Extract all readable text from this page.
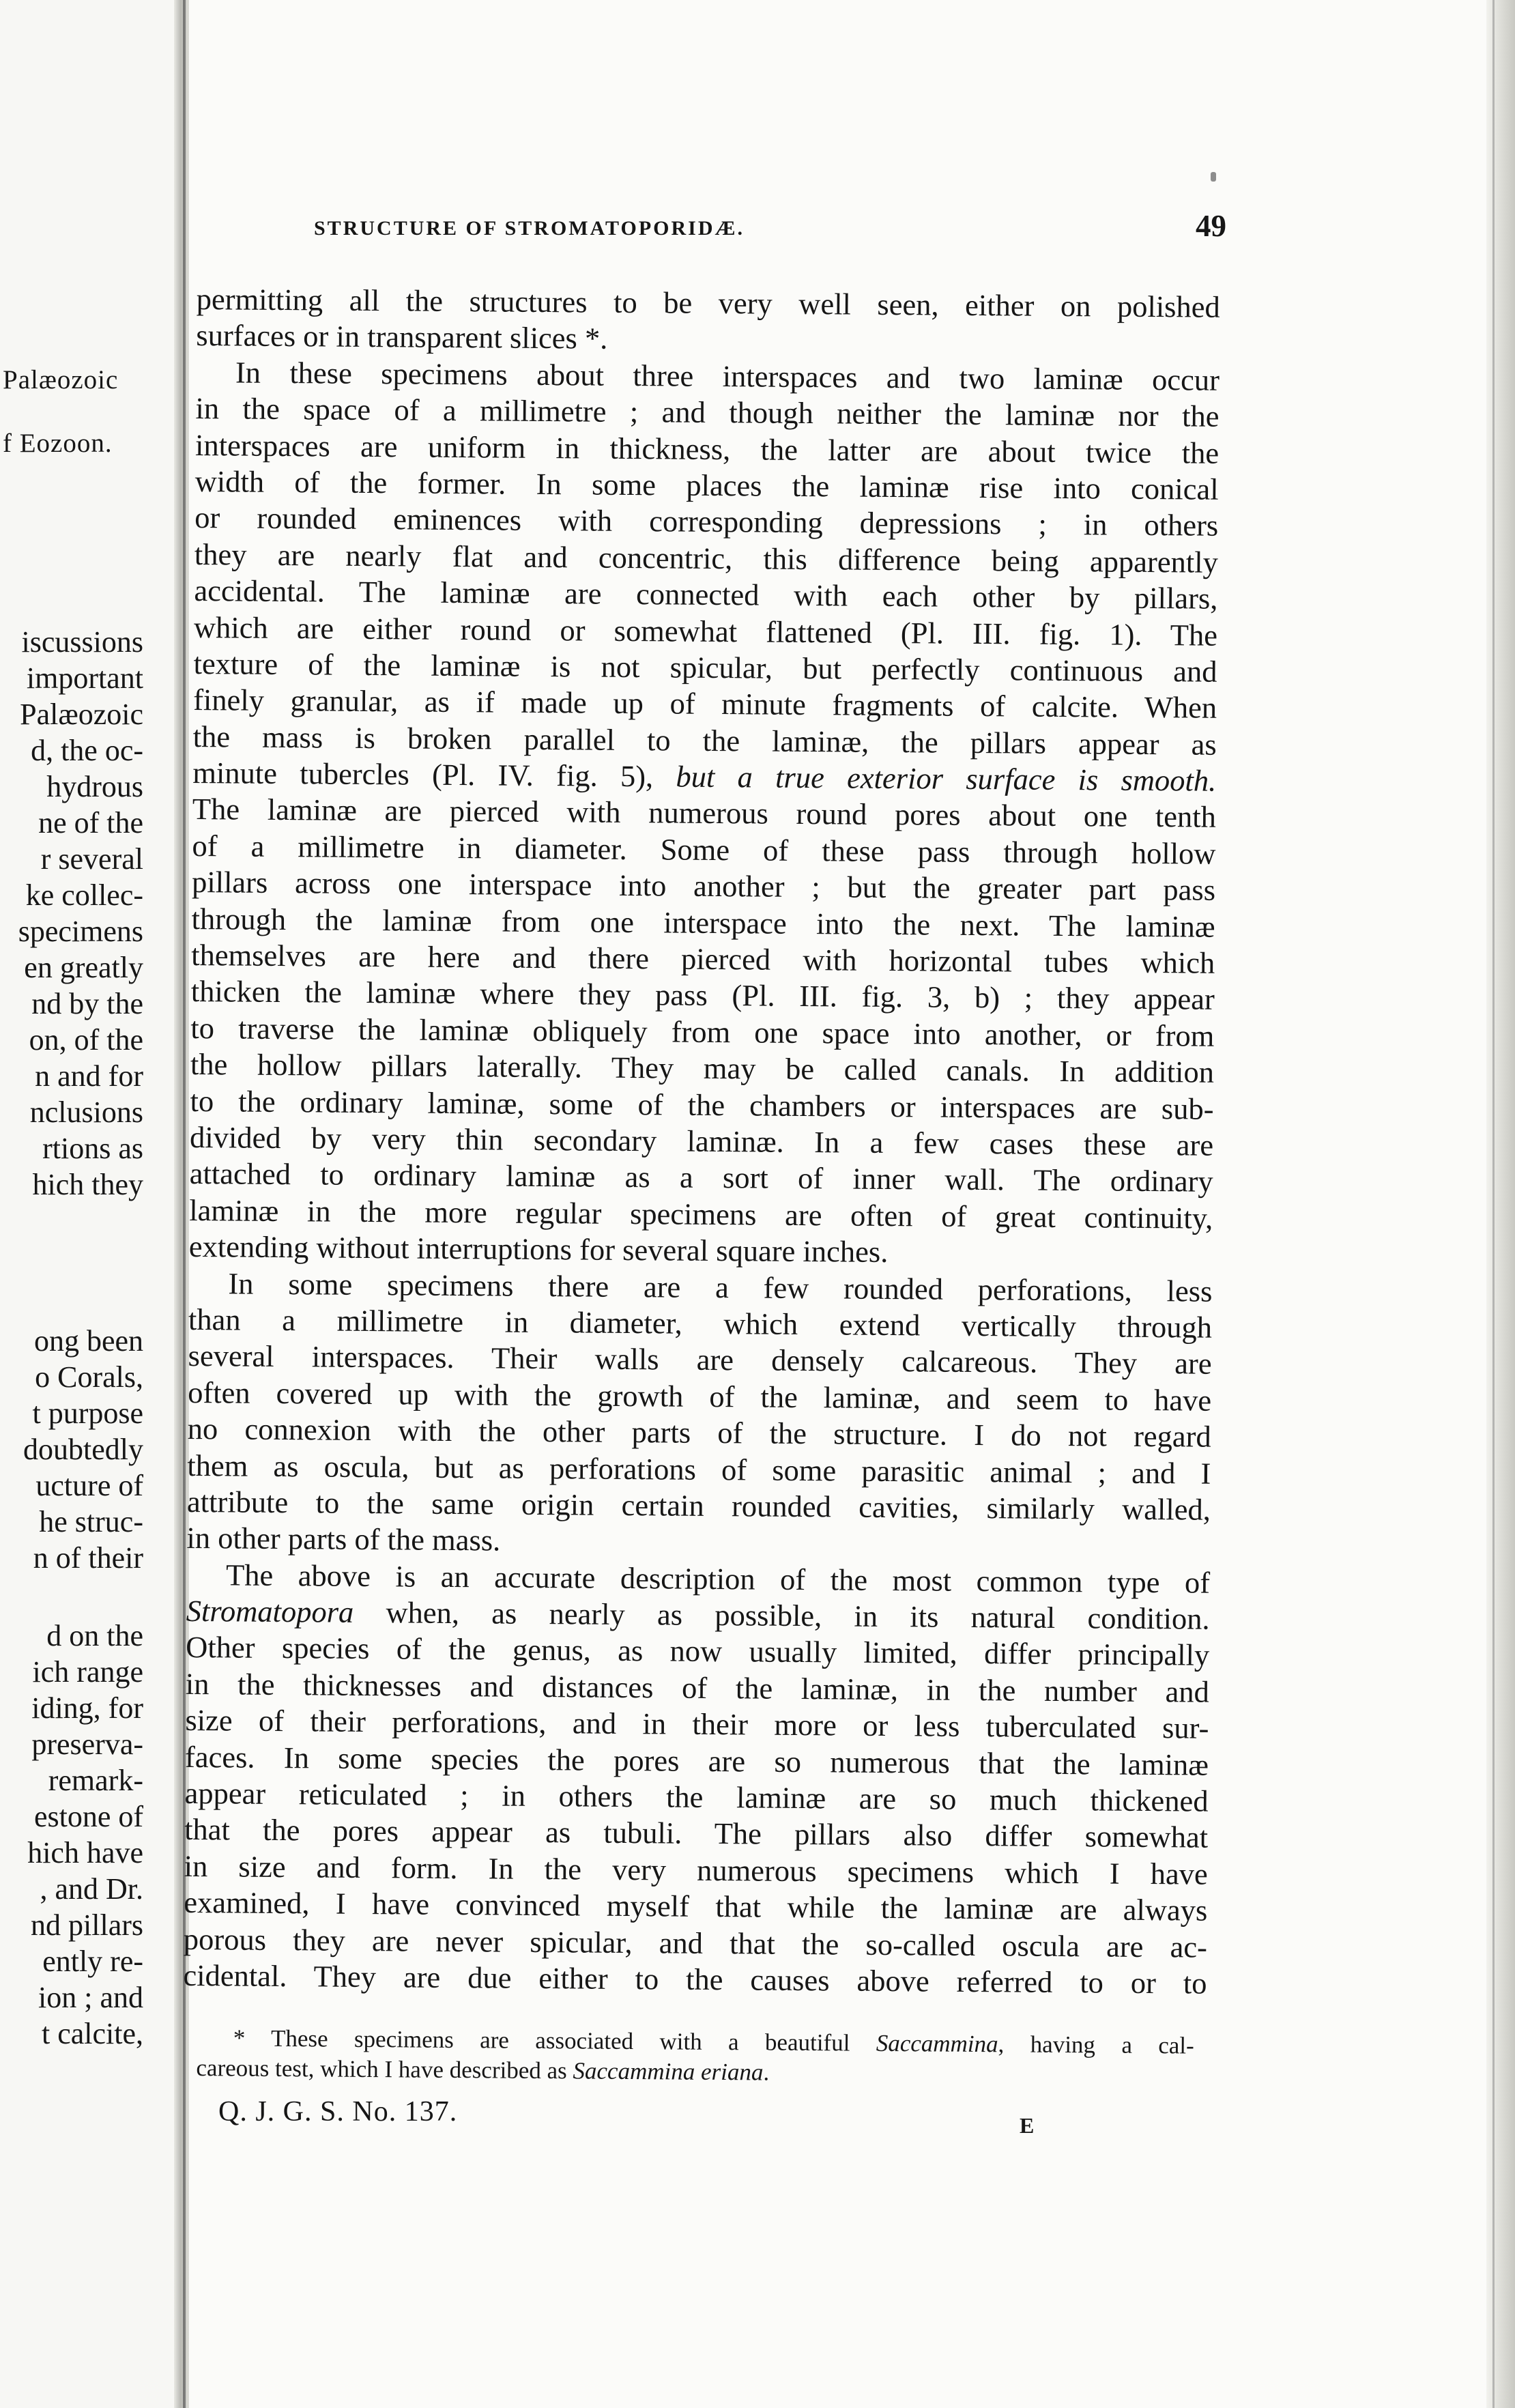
Palæozoic
f Eozoon.
iscussions
important
Palæozoic
d, the oc-
hydrous
ne of the
r several
ke collec-
specimens
en greatly
nd by the
on, of the
n and for
nclusions
rtions as
hich they
ong been
o Corals,
t purpose
doubtedly
ucture of
he struc-
n of their
d on the
ich range
iding, for
preserva-
remark-
estone of
hich have
, and Dr.
nd pillars
ently re-
ion ; and
t calcite,
STRUCTURE OF STROMATOPORIDÆ.	49
permitting all the structures to be very well seen, either on polished
surfaces or in transparent slices *.
In these specimens about three interspaces and two laminæ occur
in the space of a millimetre ; and though neither the laminæ nor the
interspaces are uniform in thickness, the latter are about twice the
width of the former. In some places the laminæ rise into conical
or rounded eminences with corresponding depressions ; in others
they are nearly flat and concentric, this difference being apparently
accidental. The laminæ are connected with each other by pillars,
which are either round or somewhat flattened (Pl. III. fig. 1). The
texture of the laminæ is not spicular, but perfectly continuous and
finely granular, as if made up of minute fragments of calcite. When
the mass is broken parallel to the laminæ, the pillars appear as
minute tubercles (Pl. IV. fig. 5), but a true exterior surface is smooth.
The laminæ are pierced with numerous round pores about one tenth
of a millimetre in diameter. Some of these pass through hollow
pillars across one interspace into another ; but the greater part pass
through the laminæ from one interspace into the next. The laminæ
themselves are here and there pierced with horizontal tubes which
thicken the laminæ where they pass (Pl. III. fig. 3, b) ; they appear
to traverse the laminæ obliquely from one space into another, or from
the hollow pillars laterally. They may be called canals. In addition
to the ordinary laminæ, some of the chambers or interspaces are sub-
divided by very thin secondary laminæ. In a few cases these are
attached to ordinary laminæ as a sort of inner wall. The ordinary
laminæ in the more regular specimens are often of great continuity,
extending without interruptions for several square inches.
In some specimens there are a few rounded perforations, less
than a millimetre in diameter, which extend vertically through
several interspaces. Their walls are densely calcareous. They are
often covered up with the growth of the laminæ, and seem to have
no connexion with the other parts of the structure. I do not regard
them as oscula, but as perforations of some parasitic animal ; and I
attribute to the same origin certain rounded cavities, similarly walled,
in other parts of the mass.
The above is an accurate description of the most common type of
Stromatopora when, as nearly as possible, in its natural condition.
Other species of the genus, as now usually limited, differ principally
in the thicknesses and distances of the laminæ, in the number and
size of their perforations, and in their more or less tuberculated sur-
faces. In some species the pores are so numerous that the laminæ
appear reticulated ; in others the laminæ are so much thickened
that the pores appear as tubuli. The pillars also differ somewhat
in size and form. In the very numerous specimens which I have
examined, I have convinced myself that while the laminæ are always
porous they are never spicular, and that the so-called oscula are ac-
cidental. They are due either to the causes above referred to or to
* These specimens are associated with a beautiful Saccammina, having a cal-
careous test, which I have described as Saccammina eriana.
Q. J. G. S. No. 137.	E
